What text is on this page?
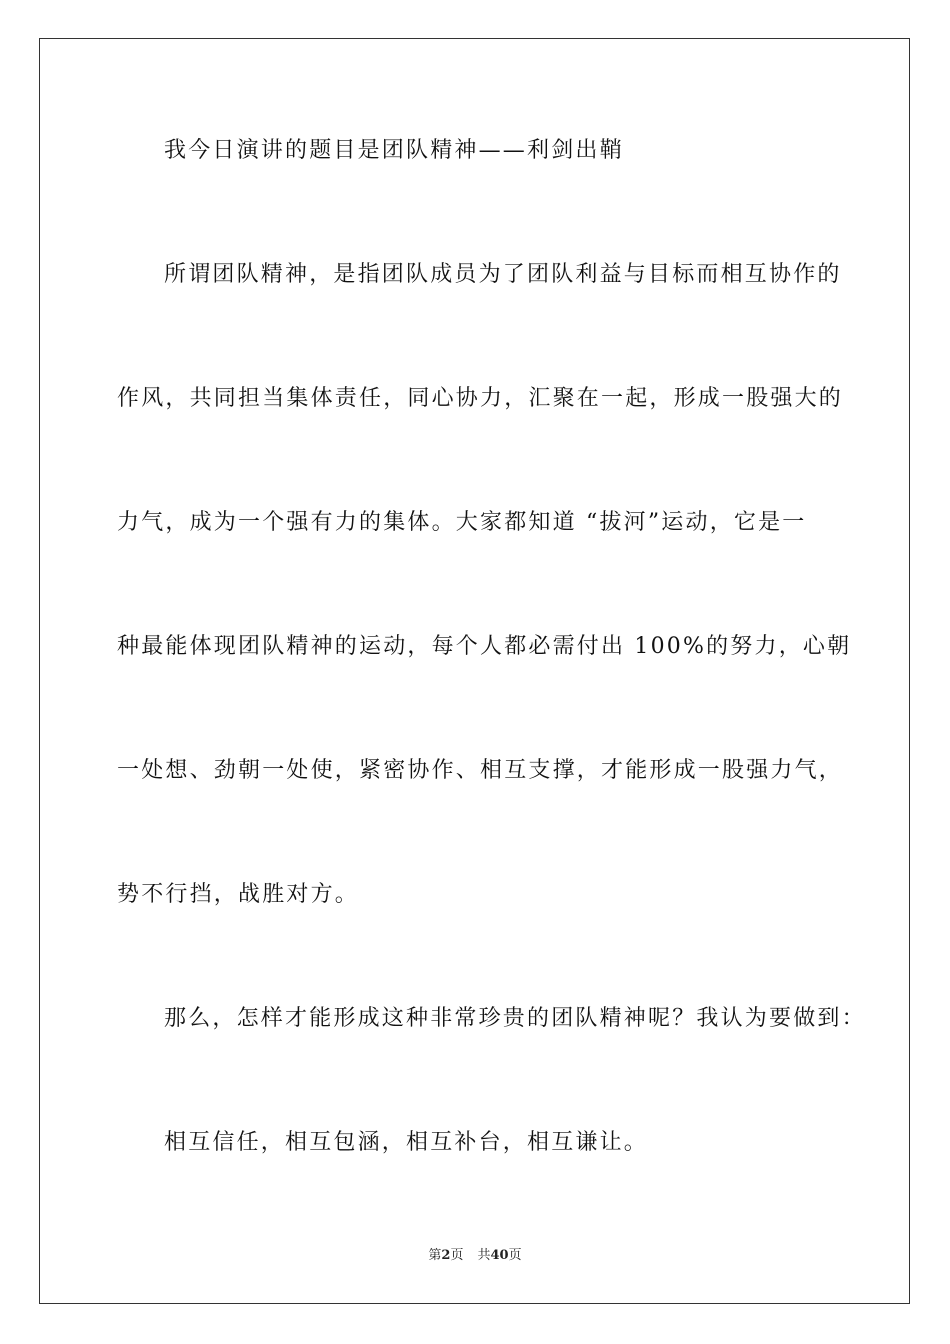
我今日演讲的题目是团队精神——利剑出鞘
所谓团队精神，是指团队成员为了团队利益与目标而相互协作的
作风，共同担当集体责任，同心协力，汇聚在一起，形成一股强大的
力气，成为一个强有力的集体。大家都知道 “拔河”运动，它是一
种最能体现团队精神的运动，每个人都必需付出 100%的努力，心朝
一处想、劲朝一处使，紧密协作、相互支撑，才能形成一股强力气，
势不行挡，战胜对方。
那么，怎样才能形成这种非常珍贵的团队精神呢？我认为要做到：
相互信任，相互包涵，相互补台，相互谦让。
第2页 共40页
